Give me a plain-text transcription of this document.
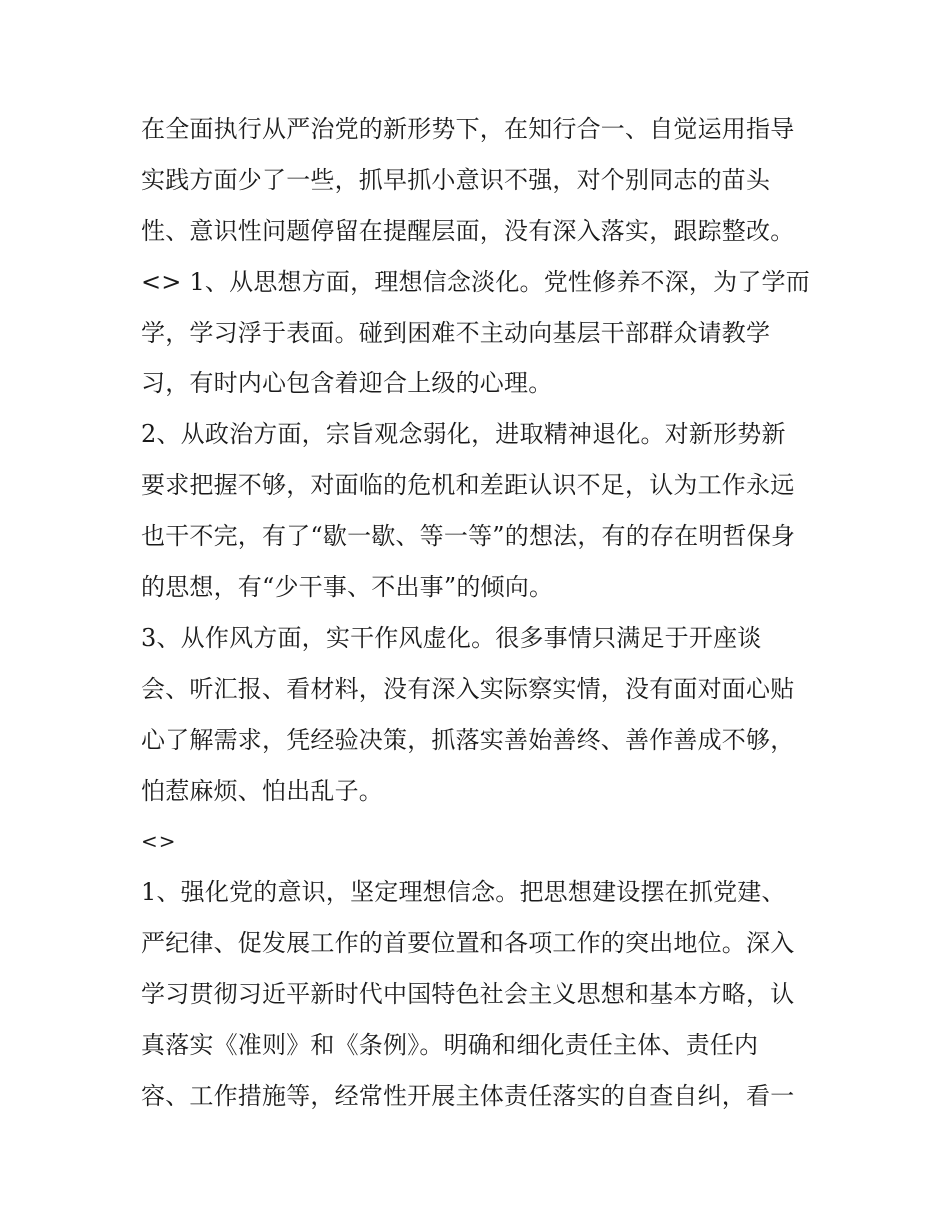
在全面执行从严治党的新形势下，在知行合一、自觉运用指导
实践方面少了一些，抓早抓小意识不强，对个别同志的苗头
性、意识性问题停留在提醒层面，没有深入落实，跟踪整改。
<> 1、从思想方面，理想信念淡化。党性修养不深，为了学而
学，学习浮于表面。碰到困难不主动向基层干部群众请教学
习，有时内心包含着迎合上级的心理。
2、从政治方面，宗旨观念弱化，进取精神退化。对新形势新
要求把握不够，对面临的危机和差距认识不足，认为工作永远
也干不完，有了“歇一歇、等一等”的想法，有的存在明哲保身
的思想，有“少干事、不出事”的倾向。
3、从作风方面，实干作风虚化。很多事情只满足于开座谈
会、听汇报、看材料，没有深入实际察实情，没有面对面心贴
心了解需求，凭经验决策，抓落实善始善终、善作善成不够，
怕惹麻烦、怕出乱子。
<>
1、强化党的意识，坚定理想信念。把思想建设摆在抓党建、
严纪律、促发展工作的首要位置和各项工作的突出地位。深入
学习贯彻习近平新时代中国特色社会主义思想和基本方略，认
真落实《准则》和《条例》。明确和细化责任主体、责任内
容、工作措施等，经常性开展主体责任落实的自查自纠，看一
